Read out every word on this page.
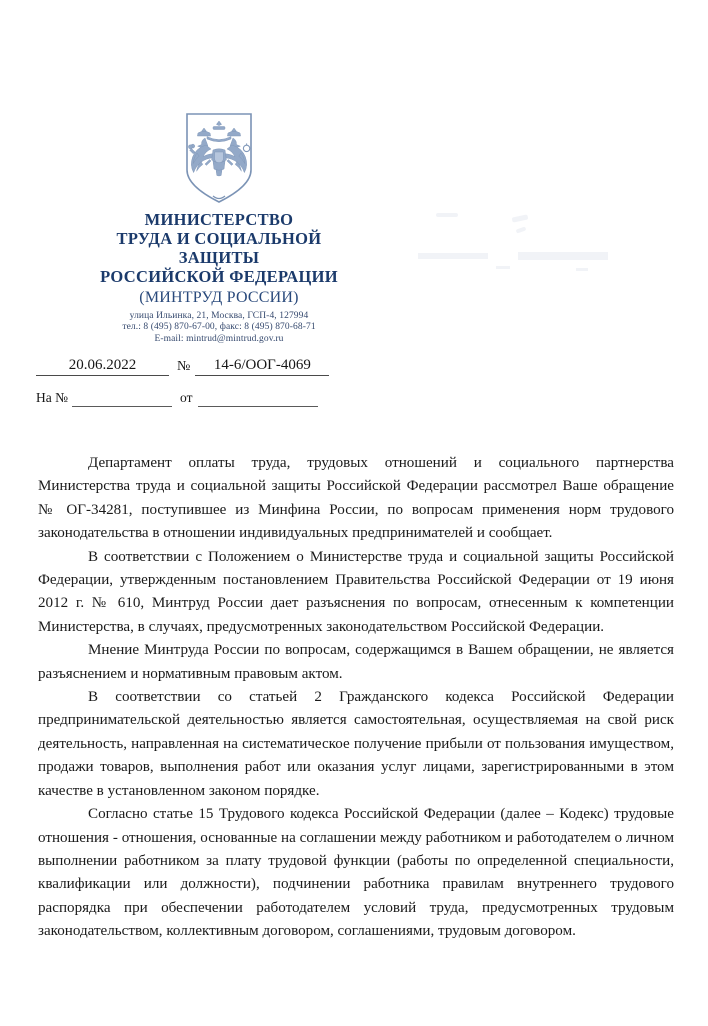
МИНИСТЕРСТВО
ТРУДА И СОЦИАЛЬНОЙ
ЗАЩИТЫ
РОССИЙСКОЙ ФЕДЕРАЦИИ
(МИНТРУД РОССИИ)
улица Ильинка, 21, Москва, ГСП-4, 127994
тел.: 8 (495) 870-67-00, факс: 8 (495) 870-68-71
E-mail: mintrud@mintrud.gov.ru
20.06.2022	№	14-6/ООГ-4069
На №	от

Департамент оплаты труда, трудовых отношений и социального партнерства Министерства труда и социальной защиты Российской Федерации рассмотрел Ваше обращение № ОГ-34281, поступившее из Минфина России, по вопросам применения норм трудового законодательства в отношении индивидуальных предпринимателей и сообщает.

В соответствии с Положением о Министерстве труда и социальной защиты Российской Федерации, утвержденным постановлением Правительства Российской Федерации от 19 июня 2012 г. № 610, Минтруд России дает разъяснения по вопросам, отнесенным к компетенции Министерства, в случаях, предусмотренных законодательством Российской Федерации.

Мнение Минтруда России по вопросам, содержащимся в Вашем обращении, не является разъяснением и нормативным правовым актом.

В соответствии со статьей 2 Гражданского кодекса Российской Федерации предпринимательской деятельностью является самостоятельная, осуществляемая на свой риск деятельность, направленная на систематическое получение прибыли от пользования имуществом, продажи товаров, выполнения работ или оказания услуг лицами, зарегистрированными в этом качестве в установленном законом порядке.

Согласно статье 15 Трудового кодекса Российской Федерации (далее – Кодекс) трудовые отношения - отношения, основанные на соглашении между работником и работодателем о личном выполнении работником за плату трудовой функции (работы по определенной специальности, квалификации или должности), подчинении работника правилам внутреннего трудового распорядка при обеспечении работодателем условий труда, предусмотренных трудовым законодательством, коллективным договором, соглашениями, трудовым договором.
